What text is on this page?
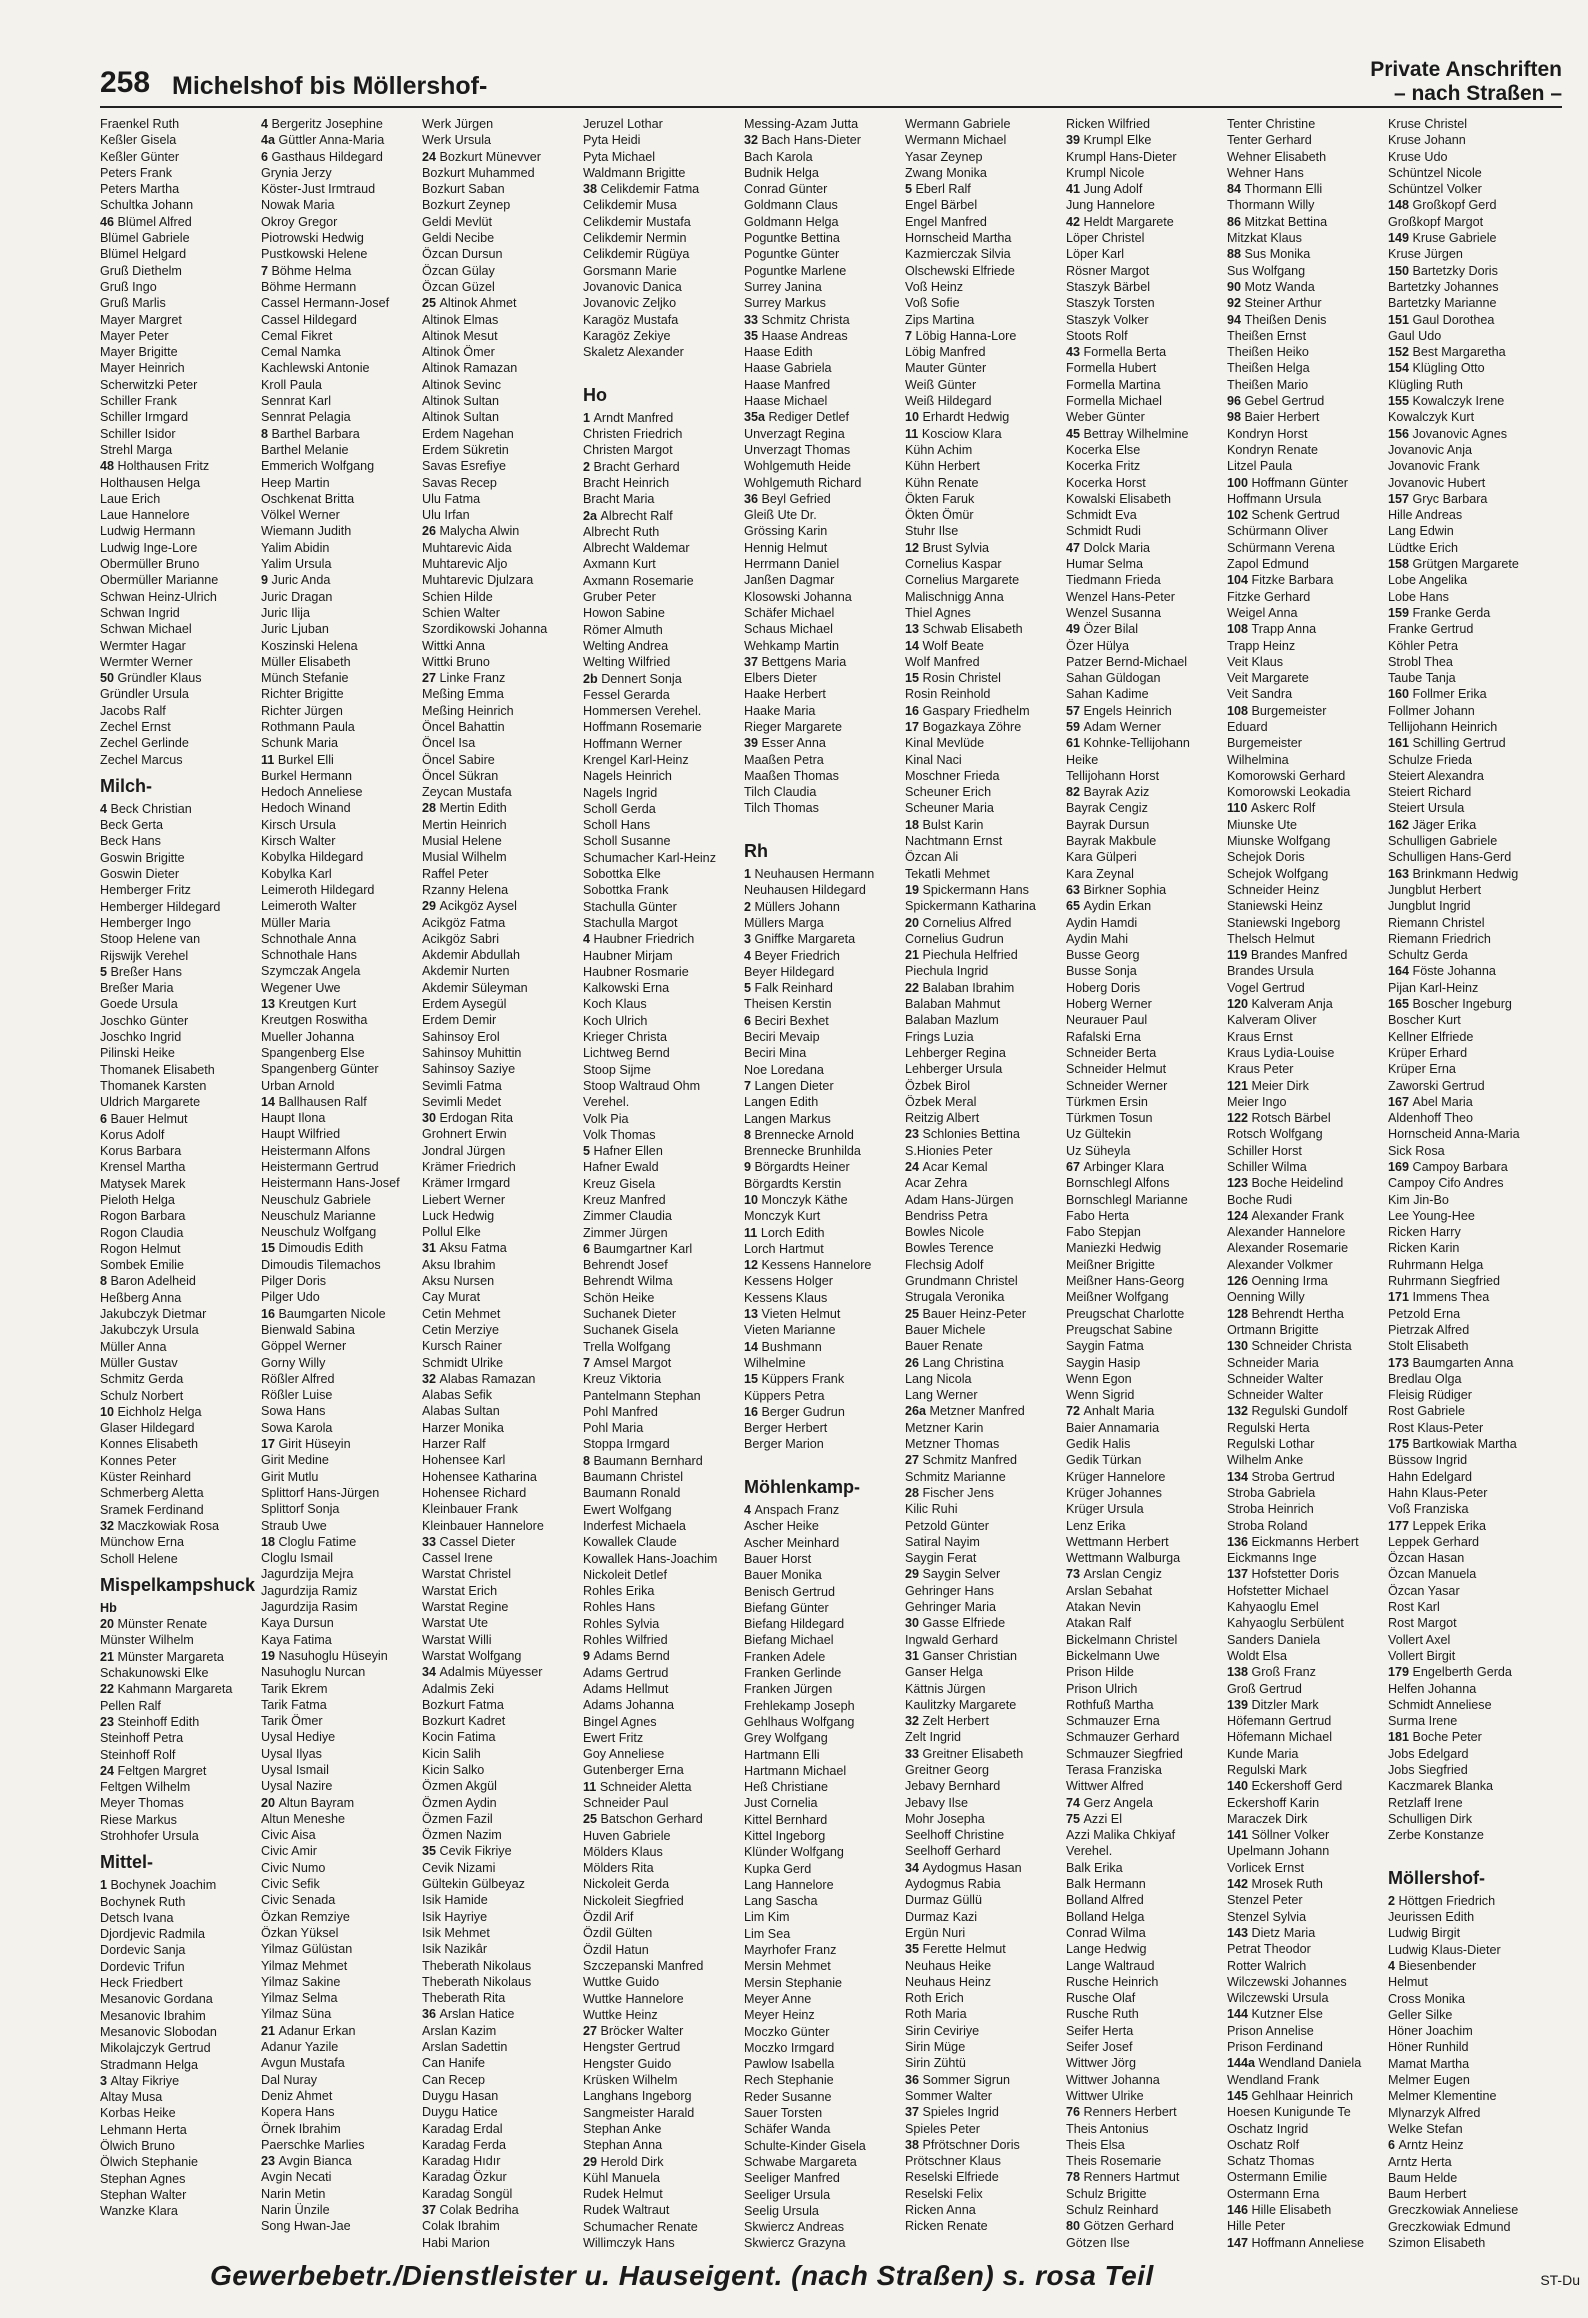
258 Michelshof bis Möllershof-
Private Anschriften
– nach Straßen –
Fraenkel Ruth
Keßler Gisela
Keßler Günter
Peters Frank
Peters Martha
Schultka Johann
46 Blümel Alfred
Blümel Gabriele
Blümel Helgard
Gruß Diethelm
Gruß Ingo
Gruß Marlis
Mayer Margret
Mayer Peter
Mayer Brigitte
Mayer Heinrich
Scherwitzki Peter
Schiller Frank
Schiller Irmgard
Schiller Isidor
Strehl Marga
48 Holthausen Fritz
Holthausen Helga
Laue Erich
Laue Hannelore
Ludwig Hermann
Ludwig Inge-Lore
Obermüller Bruno
Obermüller Marianne
Schwan Heinz-Ulrich
Schwan Ingrid
Schwan Michael
Wermter Hagar
Wermter Werner
50 Gründler Klaus
Gründler Ursula
Jacobs Ralf
Zechel Ernst
Zechel Gerlinde
Zechel Marcus
Milch-
4 Beck Christian
Beck Gerta
Beck Hans
Goswin Brigitte
Goswin Dieter
Hemberger Fritz
Hemberger Hildegard
Hemberger Ingo
Stoop Helene van
Rijswijk Verehel
5 Breßer Hans
Breßer Maria
Goede Ursula
Joschko Günter
Joschko Ingrid
Pilinski Heike
Thomanek Elisabeth
Thomanek Karsten
Uldrich Margarete
6 Bauer Helmut
Korus Adolf
Korus Barbara
Krensel Martha
Matysek Marek
Pieloth Helga
Rogon Barbara
Rogon Claudia
Rogon Helmut
Sombek Emilie
8 Baron Adelheid
Heßberg Anna
Jakubczyk Dietmar
Jakubczyk Ursula
Müller Anna
Müller Gustav
Schmitz Gerda
Schulz Norbert
10 Eichholz Helga
Glaser Hildegard
Konnes Elisabeth
Konnes Peter
Küster Reinhard
Schmerberg Aletta
Sramek Ferdinand
32 Maczkowiak Rosa
Münchow Erna
Scholl Helene
Mispelkampshuck
Hb
20 Münster Renate
Münster Wilhelm
21 Münster Margareta
Schakunowski Elke
22 Kahmann Margareta
Pellen Ralf
23 Steinhoff Edith
Steinhoff Petra
Steinhoff Rolf
24 Feltgen Margret
Feltgen Wilhelm
Meyer Thomas
Riese Markus
Strohhofer Ursula
Mittel-
1 Bochynek Joachim
Bochynek Ruth
Detsch Ivana
Djordjevic Radmila
Dordevic Sanja
Dordevic Trifun
Heck Friedbert
Mesanovic Gordana
Mesanovic Ibrahim
Mesanovic Slobodan
Mikolajczyk Gertrud
Stradmann Helga
3 Altay Fikriye
Altay Musa
Korbas Heike
Lehmann Herta
Ölwich Bruno
Ölwich Stephanie
Stephan Agnes
Stephan Walter
Wanzke Klara
4 Bergeritz Josephine
4a Güttler Anna-Maria
6 Gasthaus Hildegard
Grynia Jerzy
Köster-Just Irmtraud
Nowak Maria
Okroy Gregor
Piotrowski Hedwig
Pustkowski Helene
7 Böhme Helma
Böhme Hermann
Cassel Hermann-Josef
Cassel Hildegard
Cemal Fikret
Cemal Namka
Kachlewski Antonie
Kroll Paula
Sennrat Karl
Sennrat Pelagia
8 Barthel Barbara
Barthel Melanie
Emmerich Wolfgang
Heep Martin
Oschkenat Britta
Völkel Werner
Wiemann Judith
Yalim Abidin
Yalim Ursula
9 Juric Anda
Juric Dragan
Juric Ilija
Juric Ljuban
Koszinski Helena
Müller Elisabeth
Münch Stefanie
Richter Brigitte
Richter Jürgen
Rothmann Paula
Schunk Maria
11 Burkel Elli
Burkel Hermann
Hedoch Anneliese
Hedoch Winand
Kirsch Ursula
Kirsch Walter
Kobylka Hildegard
Kobylka Karl
Leimeroth Hildegard
Leimeroth Walter
Müller Maria
Schnothale Anna
Schnothale Hans
Szymczak Angela
Wegener Uwe
13 Kreutgen Kurt
Kreutgen Roswitha
Mueller Johanna
Spangenberg Else
Spangenberg Günter
Urban Arnold
14 Ballhausen Ralf
Haupt Ilona
Haupt Wilfried
Heistermann Alfons
Heistermann Gertrud
Heistermann Hans-Josef
Neuschulz Gabriele
Neuschulz Marianne
Neuschulz Wolfgang
15 Dimoudis Edith
Dimoudis Tilemachos
Pilger Doris
Pilger Udo
16 Baumgarten Nicole
Bienwald Sabina
Göppel Werner
Gorny Willy
Rößler Alfred
Rößler Luise
Sowa Hans
Sowa Karola
17 Girit Hüseyin
Girit Medine
Girit Mutlu
Splittorf Hans-Jürgen
Splittorf Sonja
Straub Uwe
18 Cloglu Fatime
Cloglu Ismail
Jagurdzija Mejra
Jagurdzija Ramiz
Jagurdzija Rasim
Kaya Dursun
Kaya Fatima
19 Nasuhoglu Hüseyin
Nasuhoglu Nurcan
Tarik Ekrem
Tarik Fatma
Tarik Ömer
Uysal Hediye
Uysal Ilyas
Uysal Ismail
Uysal Nazire
20 Altun Bayram
Altun Meneshe
Civic Aisa
Civic Amir
Civic Numo
Civic Sefik
Civic Senada
Özkan Remziye
Özkan Yüksel
Yilmaz Gülüstan
Yilmaz Mehmet
Yilmaz Sakine
Yilmaz Selma
Yilmaz Süna
21 Adanur Erkan
Adanur Yazile
Avgun Mustafa
Dal Nuray
Deniz Ahmet
Kopera Hans
Örnek Ibrahim
Paerschke Marlies
23 Avgin Bianca
Avgin Necati
Narin Metin
Narin Ünzile
Song Hwan-Jae
Werk Jürgen
Werk Ursula
24 Bozkurt Münevver
Bozkurt Muhammed
Bozkurt Saban
Bozkurt Zeynep
Geldi Mevlüt
Geldi Necibe
Özcan Dursun
Özcan Gülay
Özcan Güzel
25 Altinok Ahmet
Altinok Elmas
Altinok Mesut
Altinok Ömer
Altinok Ramazan
Altinok Sevinc
Altinok Sultan
Altinok Sultan
Erdem Nagehan
Erdem Sükretin
Savas Esrefiye
Savas Recep
Ulu Fatma
Ulu Irfan
26 Malycha Alwin
Muhtarevic Aida
Muhtarevic Aljo
Muhtarevic Djulzara
Schien Hilde
Schien Walter
Szordikowski Johanna
Wittki Anna
Wittki Bruno
27 Linke Franz
Meßing Emma
Meßing Heinrich
Öncel Bahattin
Öncel Isa
Öncel Sabire
Öncel Sükran
Zeycan Mustafa
28 Mertin Edith
Mertin Heinrich
Musial Helene
Musial Wilhelm
Raffel Peter
Rzanny Helena
29 Acikgöz Aysel
Acikgöz Fatma
Acikgöz Sabri
Akdemir Abdullah
Akdemir Nurten
Akdemir Süleyman
Erdem Aysegül
Erdem Demir
Sahinsoy Erol
Sahinsoy Muhittin
Sahinsoy Saziye
Sevimli Fatma
Sevimli Medet
30 Erdogan Rita
Grohnert Erwin
Jondral Jürgen
Krämer Friedrich
Krämer Irmgard
Liebert Werner
Luck Hedwig
Pollul Elke
31 Aksu Fatma
Aksu Ibrahim
Aksu Nursen
Cay Murat
Cetin Mehmet
Cetin Merziye
Kursch Rainer
Schmidt Ulrike
32 Alabas Ramazan
Alabas Sefik
Alabas Sultan
Harzer Monika
Harzer Ralf
Hohensee Karl
Hohensee Katharina
Hohensee Richard
Kleinbauer Frank
Kleinbauer Hannelore
33 Cassel Dieter
Cassel Irene
Warstat Christel
Warstat Erich
Warstat Regine
Warstat Ute
Warstat Willi
Warstat Wolfgang
34 Adalmis Müyesser
Adalmis Zeki
Bozkurt Fatma
Bozkurt Kadret
Kocin Fatima
Kicin Salih
Kicin Salko
Özmen Akgül
Özmen Aydin
Özmen Fazil
Özmen Nazim
35 Cevik Fikriye
Cevik Nizami
Gültekin Gülbeyaz
Isik Hamide
Isik Hayriye
Isik Mehmet
Isik Nazikâr
Theberath Nikolaus
Theberath Nikolaus
Theberath Rita
36 Arslan Hatice
Arslan Kazim
Arslan Sadettin
Can Hanife
Can Recep
Duygu Hasan
Duygu Hatice
Karadag Erdal
Karadag Ferda
Karadag Hıdır
Karadag Özkur
Karadag Songül
37 Colak Bedriha
Colak Ibrahim
Habi Marion
Jeruzel Lothar
Pyta Heidi
Pyta Michael
Waldmann Brigitte
38 Celikdemir Fatma
Celikdemir Musa
Celikdemir Mustafa
Celikdemir Nermin
Celikdemir Rügüya
Gorsmann Marie
Jovanovic Danica
Jovanovic Zeljko
Karagöz Mustafa
Karagöz Zekiye
Skaletz Alexander

Ho
1 Arndt Manfred
Christen Friedrich
Christen Margot
2 Bracht Gerhard
Bracht Heinrich
Bracht Maria
2a Albrecht Ralf
Albrecht Ruth
Albrecht Waldemar
Axmann Kurt
Axmann Rosemarie
Gruber Peter
Howon Sabine
Römer Almuth
Welting Andrea
Welting Wilfried
2b Dennert Sonja
Fessel Gerarda
Hommersen Verehel.
Hoffmann Rosemarie
Hoffmann Werner
Krengel Karl-Heinz
Nagels Heinrich
Nagels Ingrid
Scholl Gerda
Scholl Hans
Scholl Susanne
Schumacher Karl-Heinz
Sobottka Elke
Sobottka Frank
Stachulla Günter
Stachulla Margot
4 Haubner Friedrich
Haubner Mirjam
Haubner Rosmarie
Kalkowski Erna
Koch Klaus
Koch Ulrich
Krieger Christa
Lichtweg Bernd
Stoop Sijme
Stoop Waltraud Ohm
Verehel.
Volk Pia
Volk Thomas
5 Hafner Ellen
Hafner Ewald
Kreuz Gisela
Kreuz Manfred
Zimmer Claudia
Zimmer Jürgen
6 Baumgartner Karl
Behrendt Josef
Behrendt Wilma
Schön Heike
Suchanek Dieter
Suchanek Gisela
Trella Wolfgang
7 Amsel Margot
Kreuz Viktoria
Pantelmann Stephan
Pohl Manfred
Pohl Maria
Stoppa Irmgard
8 Baumann Bernhard
Baumann Christel
Baumann Ronald
Ewert Wolfgang
Inderfest Michaela
Kowallek Claude
Kowallek Hans-Joachim
Nickoleit Detlef
Rohles Erika
Rohles Hans
Rohles Sylvia
Rohles Wilfried
9 Adams Bernd
Adams Gertrud
Adams Hellmut
Adams Johanna
Bingel Agnes
Ewert Fritz
Goy Anneliese
Gutenberger Erna
11 Schneider Aletta
Schneider Paul
25 Batschon Gerhard
Huven Gabriele
Mölders Klaus
Mölders Rita
Nickoleit Gerda
Nickoleit Siegfried
Özdil Arif
Özdil Gülten
Özdil Hatun
Szczepanski Manfred
Wuttke Guido
Wuttke Hannelore
Wuttke Heinz
27 Bröcker Walter
Hengster Gertrud
Hengster Guido
Krüsken Wilhelm
Langhans Ingeborg
Sangmeister Harald
Stephan Anke
Stephan Anna
29 Herold Dirk
Kühl Manuela
Rudek Helmut
Rudek Waltraut
Schumacher Renate
Willimczyk Hans
Messing-Azam Jutta
32 Bach Hans-Dieter
Bach Karola
Budnik Helga
Conrad Günter
Goldmann Claus
Goldmann Helga
Poguntke Bettina
Poguntke Günter
Poguntke Marlene
Surrey Janina
Surrey Markus
33 Schmitz Christa
35 Haase Andreas
Haase Edith
Haase Gabriela
Haase Manfred
Haase Michael
35a Rediger Detlef
Unverzagt Regina
Unverzagt Thomas
Wohlgemuth Heide
Wohlgemuth Richard
36 Beyl Gefried
Gleiß Ute Dr.
Grössing Karin
Hennig Helmut
Herrmann Daniel
Janßen Dagmar
Klosowski Johanna
Schäfer Michael
Schaus Michael
Wehkamp Martin
37 Bettgens Maria
Elbers Dieter
Haake Herbert
Haake Maria
Rieger Margarete
39 Esser Anna
Maaßen Petra
Maaßen Thomas
Tilch Claudia
Tilch Thomas

Rh
1 Neuhausen Hermann
Neuhausen Hildegard
2 Müllers Johann
Müllers Marga
3 Gniffke Margareta
4 Beyer Friedrich
Beyer Hildegard
5 Falk Reinhard
Theisen Kerstin
6 Beciri Bexhet
Beciri Mevaip
Beciri Mina
Noe Loredana
7 Langen Dieter
Langen Edith
Langen Markus
8 Brennecke Arnold
Brennecke Brunhilda
9 Börgardts Heiner
Börgardts Kerstin
10 Monczyk Käthe
Monczyk Kurt
11 Lorch Edith
Lorch Hartmut
12 Kessens Hannelore
Kessens Holger
Kessens Klaus
13 Vieten Helmut
Vieten Marianne
14 Bushmann
Wilhelmine
15 Küppers Frank
Küppers Petra
16 Berger Gudrun
Berger Herbert
Berger Marion

Möhlenkamp-
4 Anspach Franz
Ascher Heike
Ascher Meinhard
Bauer Horst
Bauer Monika
Benisch Gertrud
Biefang Günter
Biefang Hildegard
Biefang Michael
Franken Adele
Franken Gerlinde
Franken Jürgen
Frehlekamp Joseph
Gehlhaus Wolfgang
Grey Wolfgang
Hartmann Elli
Hartmann Michael
Heß Christiane
Just Cornelia
Kittel Bernhard
Kittel Ingeborg
Klünder Wolfgang
Kupka Gerd
Lang Hannelore
Lang Sascha
Lim Kim
Lim Sea
Mayrhofer Franz
Mersin Mehmet
Mersin Stephanie
Meyer Anne
Meyer Heinz
Moczko Günter
Moczko Irmgard
Pawlow Isabella
Rech Stephanie
Reder Susanne
Sauer Torsten
Schäfer Wanda
Schulte-Kinder Gisela
Schwabe Margareta
Seeliger Manfred
Seeliger Ursula
Seelig Ursula
Skwiercz Andreas
Skwiercz Grazyna
Wermann Gabriele
Wermann Michael
Yasar Zeynep
Zwang Monika
5 Eberl Ralf
Engel Bärbel
Engel Manfred
Hornscheid Martha
Kazmierczak Silvia
Olschewski Elfriede
Voß Heinz
Voß Sofie
Zips Martina
7 Löbig Hanna-Lore
Löbig Manfred
Mauter Günter
Weiß Günter
Weiß Hildegard
10 Erhardt Hedwig
11 Kosciow Klara
Kühn Achim
Kühn Herbert
Kühn Renate
Ökten Faruk
Ökten Ömür
Stuhr Ilse
12 Brust Sylvia
Cornelius Kaspar
Cornelius Margarete
Malischnigg Anna
Thiel Agnes
13 Schwab Elisabeth
14 Wolf Beate
Wolf Manfred
15 Rosin Christel
Rosin Reinhold
16 Gaspary Friedhelm
17 Bogazkaya Zöhre
Kinal Mevlüde
Kinal Naci
Moschner Frieda
Scheuner Erich
Scheuner Maria
18 Bulst Karin
Nachtmann Ernst
Özcan Ali
Tekatli Mehmet
19 Spickermann Hans
Spickermann Katharina
20 Cornelius Alfred
Cornelius Gudrun
21 Piechula Helfried
Piechula Ingrid
22 Balaban Ibrahim
Balaban Mahmut
Balaban Mazlum
Frings Luzia
Lehberger Regina
Lehberger Ursula
Özbek Birol
Özbek Meral
Reitzig Albert
23 Schlonies Bettina
S.Hionies Peter
24 Acar Kemal
Acar Zehra
Adam Hans-Jürgen
Bendriss Petra
Bowles Nicole
Bowles Terence
Flechsig Adolf
Grundmann Christel
Strugala Veronika
25 Bauer Heinz-Peter
Bauer Michele
Bauer Renate
26 Lang Christina
Lang Nicola
Lang Werner
26a Metzner Manfred
Metzner Karin
Metzner Thomas
27 Schmitz Manfred
Schmitz Marianne
28 Fischer Jens
Kilic Ruhi
Petzold Günter
Satiral Nayim
Saygin Ferat
29 Saygin Selver
Gehringer Hans
Gehringer Maria
30 Gasse Elfriede
Ingwald Gerhard
31 Ganser Christian
Ganser Helga
Kättnis Jürgen
Kaulitzky Margarete
32 Zelt Herbert
Zelt Ingrid
33 Greitner Elisabeth
Greitner Georg
Jebavy Bernhard
Jebavy Ilse
Mohr Josepha
Seelhoff Christine
Seelhoff Gerhard
34 Aydogmus Hasan
Aydogmus Rabia
Durmaz Güllü
Durmaz Kazi
Ergün Nuri
35 Ferette Helmut
Neuhaus Heike
Neuhaus Heinz
Roth Erich
Roth Maria
Sirin Ceviriye
Sirin Müge
Sirin Zühtü
36 Sommer Sigrun
Sommer Walter
37 Spieles Ingrid
Spieles Peter
38 Pfrötschner Doris
Prötschner Klaus
Reselski Elfriede
Reselski Felix
Ricken Anna
Ricken Renate
Ricken Wilfried
39 Krumpl Elke
Krumpl Hans-Dieter
Krumpl Nicole
41 Jung Adolf
Jung Hannelore
42 Heldt Margarete
Löper Christel
Löper Karl
Rösner Margot
Staszyk Bärbel
Staszyk Torsten
Staszyk Volker
Stoots Rolf
43 Formella Berta
Formella Hubert
Formella Martina
Formella Michael
Weber Günter
45 Bettray Wilhelmine
Kocerka Else
Kocerka Fritz
Kocerka Horst
Kowalski Elisabeth
Schmidt Eva
Schmidt Rudi
47 Dolck Maria
Humar Selma
Tiedmann Frieda
Wenzel Hans-Peter
Wenzel Susanna
49 Özer Bilal
Özer Hülya
Patzer Bernd-Michael
Sahan Güldogan
Sahan Kadime
57 Engels Heinrich
59 Adam Werner
61 Kohnke-Tellijohann
Heike
Tellijohann Horst
82 Bayrak Aziz
Bayrak Cengiz
Bayrak Dursun
Bayrak Makbule
Kara Gülperi
Kara Zeynal
63 Birkner Sophia
65 Aydin Erkan
Aydin Hamdi
Aydin Mahi
Busse Georg
Busse Sonja
Hoberg Doris
Hoberg Werner
Neurauer Paul
Rafalski Erna
Schneider Berta
Schneider Helmut
Schneider Werner
Türkmen Ersin
Türkmen Tosun
Uz Gültekin
Uz Süheyla
67 Arbinger Klara
Bornschlegl Alfons
Bornschlegl Marianne
Fabo Herta
Fabo Stepjan
Maniezki Hedwig
Meißner Brigitte
Meißner Hans-Georg
Meißner Wolfgang
Preugschat Charlotte
Preugschat Sabine
Saygin Fatma
Saygin Hasip
Wenn Egon
Wenn Sigrid
72 Anhalt Maria
Baier Annamaria
Gedik Halis
Gedik Türkan
Krüger Hannelore
Krüger Johannes
Krüger Ursula
Lenz Erika
Wettmann Herbert
Wettmann Walburga
73 Arslan Cengiz
Arslan Sebahat
Atakan Nevin
Atakan Ralf
Bickelmann Christel
Bickelmann Uwe
Prison Hilde
Prison Ulrich
Rothfuß Martha
Schmauzer Erna
Schmauzer Gerhard
Schmauzer Siegfried
Terasa Franziska
Wittwer Alfred
74 Gerz Angela
75 Azzi El
Azzi Malika Chkiyaf
Verehel.
Balk Erika
Balk Hermann
Bolland Alfred
Bolland Helga
Conrad Wilma
Lange Hedwig
Lange Waltraud
Rusche Heinrich
Rusche Olaf
Rusche Ruth
Seifer Herta
Seifer Josef
Wittwer Jörg
Wittwer Johanna
Wittwer Ulrike
76 Renners Herbert
Theis Antonius
Theis Elsa
Theis Rosemarie
78 Renners Hartmut
Schulz Brigitte
Schulz Reinhard
80 Götzen Gerhard
Götzen Ilse
Tenter Christine
Tenter Gerhard
Wehner Elisabeth
Wehner Hans
84 Thormann Elli
Thormann Willy
86 Mitzkat Bettina
Mitzkat Klaus
88 Sus Monika
Sus Wolfgang
90 Motz Wanda
92 Steiner Arthur
94 Theißen Denis
Theißen Ernst
Theißen Heiko
Theißen Helga
Theißen Mario
96 Gebel Gertrud
98 Baier Herbert
Kondryn Horst
Kondryn Renate
Litzel Paula
100 Hoffmann Günter
Hoffmann Ursula
102 Schenk Gertrud
Schürmann Oliver
Schürmann Verena
Zapol Edmund
104 Fitzke Barbara
Fitzke Gerhard
Weigel Anna
108 Trapp Anna
Trapp Heinz
Veit Klaus
Veit Margarete
Veit Sandra
108 Burgemeister
Eduard
Burgemeister
Wilhelmina
Komorowski Gerhard
Komorowski Leokadia
110 Askerc Rolf
Miunske Ute
Miunske Wolfgang
Schejok Doris
Schejok Wolfgang
Schneider Heinz
Staniewski Heinz
Staniewski Ingeborg
Thelsch Helmut
119 Brandes Manfred
Brandes Ursula
Vogel Gertrud
120 Kalveram Anja
Kalveram Oliver
Kraus Ernst
Kraus Lydia-Louise
Kraus Peter
121 Meier Dirk
Meier Ingo
122 Rotsch Bärbel
Rotsch Wolfgang
Schiller Horst
Schiller Wilma
123 Boche Heidelind
Boche Rudi
124 Alexander Frank
Alexander Hannelore
Alexander Rosemarie
Alexander Volkmer
126 Oenning Irma
Oenning Willy
128 Behrendt Hertha
Ortmann Brigitte
130 Schneider Christa
Schneider Maria
Schneider Walter
Schneider Walter
132 Regulski Gundolf
Regulski Herta
Regulski Lothar
Wilhelm Anke
134 Stroba Gertrud
Stroba Gabriela
Stroba Heinrich
Stroba Roland
136 Eickmanns Herbert
Eickmanns Inge
137 Hofstetter Doris
Hofstetter Michael
Kahyaoglu Emel
Kahyaoglu Serbülent
Sanders Daniela
Woldt Elsa
138 Groß Franz
Groß Gertrud
139 Ditzler Mark
Höfemann Gertrud
Höfemann Michael
Kunde Maria
Regulski Mark
140 Eckershoff Gerd
Eckershoff Karin
Maraczek Dirk
141 Söllner Volker
Upelmann Johann
Vorlicek Ernst
142 Mrosek Ruth
Stenzel Peter
Stenzel Sylvia
143 Dietz Maria
Petrat Theodor
Rotter Walrich
Wilczewski Johannes
Wilczewski Ursula
144 Kutzner Else
Prison Annelise
Prison Ferdinand
144a Wendland Daniela
Wendland Frank
145 Gehlhaar Heinrich
Hoesen Kunigunde Te
Oschatz Ingrid
Oschatz Rolf
Schatz Thomas
Ostermann Emilie
Ostermann Erna
146 Hille Elisabeth
Hille Peter
147 Hoffmann Anneliese
Kruse Christel
Kruse Johann
Kruse Udo
Schüntzel Nicole
Schüntzel Volker
148 Großkopf Gerd
Großkopf Margot
149 Kruse Gabriele
Kruse Jürgen
150 Bartetzky Doris
Bartetzky Johannes
Bartetzky Marianne
151 Gaul Dorothea
Gaul Udo
152 Best Margaretha
154 Klügling Otto
Klügling Ruth
155 Kowalczyk Irene
Kowalczyk Kurt
156 Jovanovic Agnes
Jovanovic Anja
Jovanovic Frank
Jovanovic Hubert
157 Gryc Barbara
Hille Andreas
Lang Edwin
Lüdtke Erich
158 Grütgen Margarete
Lobe Angelika
Lobe Hans
159 Franke Gerda
Franke Gertrud
Köhler Petra
Strobl Thea
Taube Tanja
160 Follmer Erika
Follmer Johann
Tellijohann Heinrich
161 Schilling Gertrud
Schulze Frieda
Steiert Alexandra
Steiert Richard
Steiert Ursula
162 Jäger Erika
Schulligen Gabriele
Schulligen Hans-Gerd
163 Brinkmann Hedwig
Jungblut Herbert
Jungblut Ingrid
Riemann Christel
Riemann Friedrich
Schultz Gerda
164 Föste Johanna
Pijan Karl-Heinz
165 Boscher Ingeburg
Boscher Kurt
Kellner Elfriede
Krüper Erhard
Krüper Erna
Zaworski Gertrud
167 Abel Maria
Aldenhoff Theo
Hornscheid Anna-Maria
Sick Rosa
169 Campoy Barbara
Campoy Cifo Andres
Kim Jin-Bo
Lee Young-Hee
Ricken Harry
Ricken Karin
Ruhrmann Helga
Ruhrmann Siegfried
171 Immens Thea
Petzold Erna
Pietrzak Alfred
Stolt Elisabeth
173 Baumgarten Anna
Bredlau Olga
Fleisig Rüdiger
Rost Gabriele
Rost Klaus-Peter
175 Bartkowiak Martha
Büssow Ingrid
Hahn Edelgard
Hahn Klaus-Peter
Voß Franziska
177 Leppek Erika
Leppek Gerhard
Özcan Hasan
Özcan Manuela
Özcan Yasar
Rost Karl
Rost Margot
Vollert Axel
Vollert Birgit
179 Engelberth Gerda
Helfen Johanna
Schmidt Anneliese
Surma Irene
181 Boche Peter
Jobs Edelgard
Jobs Siegfried
Kaczmarek Blanka
Retzlaff Irene
Schulligen Dirk
Zerbe Konstanze

Möllershof-
2 Höttgen Friedrich
Jeurissen Edith
Ludwig Birgit
Ludwig Klaus-Dieter
4 Biesenbender
Helmut
Cross Monika
Geller Silke
Höner Joachim
Höner Runhild
Mamat Martha
Melmer Eugen
Melmer Klementine
Mlynarzyk Alfred
Welke Stefan
6 Arntz Heinz
Arntz Herta
Baum Helde
Baum Herbert
Greczkowiak Anneliese
Greczkowiak Edmund
Szimon Elisabeth
Gewerbebetr./Dienstleister u. Hauseigent. (nach Straßen) s. rosa Teil	ST-Du
